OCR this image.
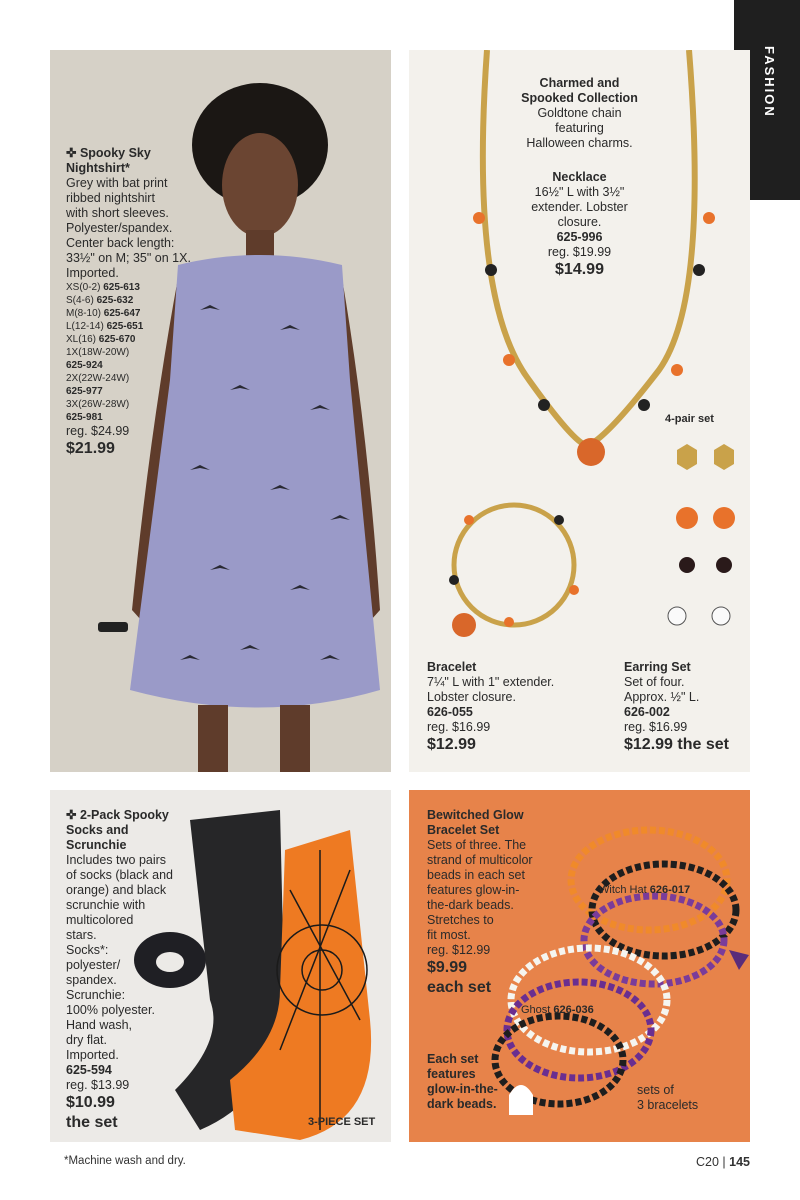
FASHION
✜ Spooky Sky
Nightshirt*
Grey with bat print
ribbed nightshirt
with short sleeves.
Polyester/spandex.
Center back length:
33½" on M; 35" on 1X.
Imported.
XS(0-2) 625-613
S(4-6) 625-632
M(8-10) 625-647
L(12-14) 625-651
XL(16) 625-670
1X(18W-20W)
625-924
2X(22W-24W)
625-977
3X(26W-28W)
625-981
reg. $24.99
$21.99
Charmed and
Spooked Collection
Goldtone chain
featuring
Halloween charms.
Necklace
16½" L with 3½"
extender. Lobster
closure.
625-996
reg. $19.99
$14.99
4-pair set
Bracelet
7¼" L with 1" extender.
Lobster closure.
626-055
reg. $16.99
$12.99
Earring Set
Set of four.
Approx. ½" L.
626-002
reg. $16.99
$12.99 the set
✜ 2-Pack Spooky
Socks and
Scrunchie
Includes two pairs
of socks (black and
orange) and black
scrunchie with
multicolored
stars.
Socks*:
polyester/
spandex.
Scrunchie:
100% polyester.
Hand wash,
dry flat.
Imported.
625-594
reg. $13.99
$10.99
the set	3-PIECE SET
Bewitched Glow
Bracelet Set
Sets of three. The
strand of multicolor
beads in each set
features glow-in-
the-dark beads.
Stretches to
fit most.
reg. $12.99
$9.99
each set
Witch Hat 626-017
Ghost 626-036
Each set
features
glow-in-the-
dark beads.
sets of
3 bracelets
*Machine wash and dry.	C20 | 145
